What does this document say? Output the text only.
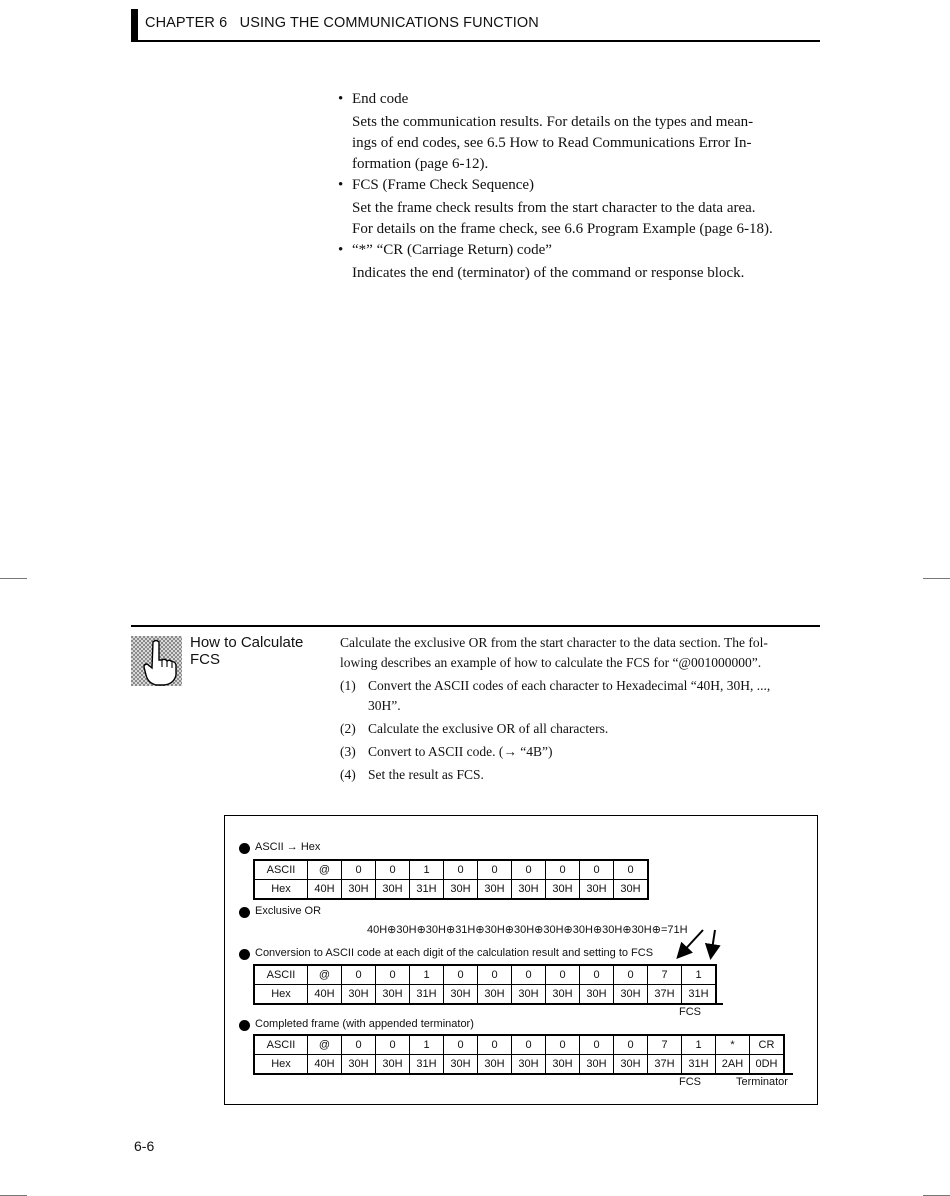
CHAPTER 6   USING THE COMMUNICATIONS FUNCTION
• End code
Sets the communication results. For details on the types and mean-
ings of end codes, see 6.5 How to Read Communications Error In-
formation (page 6-12).
• FCS (Frame Check Sequence)
Set the frame check results from the start character to the data area.
For details on the frame check, see 6.6 Program Example (page 6-18).
• “*” “CR (Carriage Return) code”
Indicates the end (terminator) of the command or response block.
How to Calculate
FCS
Calculate the exclusive OR from the start character to the data section. The fol-
lowing describes an example of how to calculate the FCS for “@001000000”.
(1) Convert the ASCII codes of each character to Hexadecimal “40H, 30H, ...,
30H”.
(2) Calculate the exclusive OR of all characters.
(3) Convert to ASCII code. (→ “4B”)
(4) Set the result as FCS.
ASCII → Hex
ASCII	@	0	0	1	0	0	0	0	0	0
Hex	40H	30H	30H	31H	30H	30H	30H	30H	30H	30H
Exclusive OR
40H⊕30H⊕30H⊕31H⊕30H⊕30H⊕30H⊕30H⊕30H⊕30H⊕=71H
Conversion to ASCII code at each digit of the calculation result and setting to FCS
ASCII	@	0	0	1	0	0	0	0	0	0	7	1
Hex	40H	30H	30H	31H	30H	30H	30H	30H	30H	30H	37H	31H
FCS
Completed frame (with appended terminator)
ASCII	@	0	0	1	0	0	0	0	0	0	7	1	*	CR
Hex	40H	30H	30H	31H	30H	30H	30H	30H	30H	30H	37H	31H	2AH	0DH
FCS	Terminator
6-6
